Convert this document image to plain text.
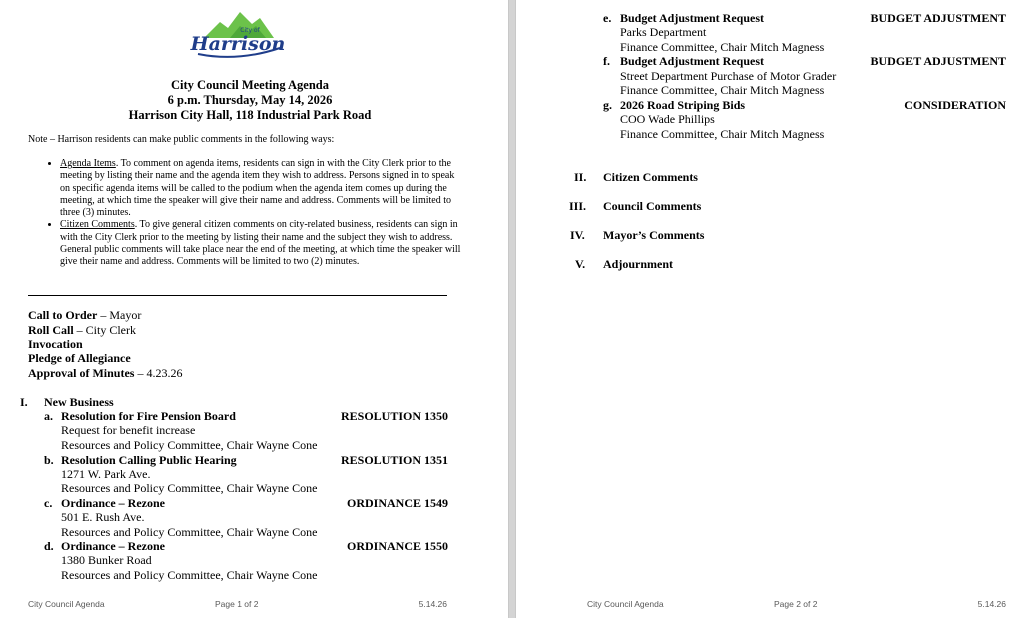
Harrison
City of
City Council Meeting Agenda
6 p.m. Thursday, May 14, 2026
Harrison City Hall, 118 Industrial Park Road
Note – Harrison residents can make public comments in the following ways:
• Agenda Items. To comment on agenda items, residents can sign in with the City Clerk prior to the meeting by listing their name and the agenda item they wish to address. Persons signed in to speak on specific agenda items will be called to the podium when the agenda item comes up during the meeting, at which time the speaker will give their name and address. Comments will be limited to three (3) minutes.
• Citizen Comments. To give general citizen comments on city-related business, residents can sign in with the City Clerk prior to the meeting by listing their name and the subject they wish to address. General public comments will take place near the end of the meeting, at which time the speaker will give their name and address. Comments will be limited to two (2) minutes.
Call to Order – Mayor
Roll Call – City Clerk
Invocation
Pledge of Allegiance
Approval of Minutes – 4.23.26
I. New Business
a. Resolution for Fire Pension Board	RESOLUTION 1350
Request for benefit increase
Resources and Policy Committee, Chair Wayne Cone
b. Resolution Calling Public Hearing	RESOLUTION 1351
1271 W. Park Ave.
Resources and Policy Committee, Chair Wayne Cone
c. Ordinance – Rezone	ORDINANCE 1549
501 E. Rush Ave.
Resources and Policy Committee, Chair Wayne Cone
d. Ordinance – Rezone	ORDINANCE 1550
1380 Bunker Road
Resources and Policy Committee, Chair Wayne Cone
City Council Agenda	Page 1 of 2	5.14.26
e. Budget Adjustment Request	BUDGET ADJUSTMENT
Parks Department
Finance Committee, Chair Mitch Magness
f. Budget Adjustment Request	BUDGET ADJUSTMENT
Street Department Purchase of Motor Grader
Finance Committee, Chair Mitch Magness
g. 2026 Road Striping Bids	CONSIDERATION
COO Wade Phillips
Finance Committee, Chair Mitch Magness
II. Citizen Comments
III. Council Comments
IV. Mayor’s Comments
V. Adjournment
City Council Agenda	Page 2 of 2	5.14.26
